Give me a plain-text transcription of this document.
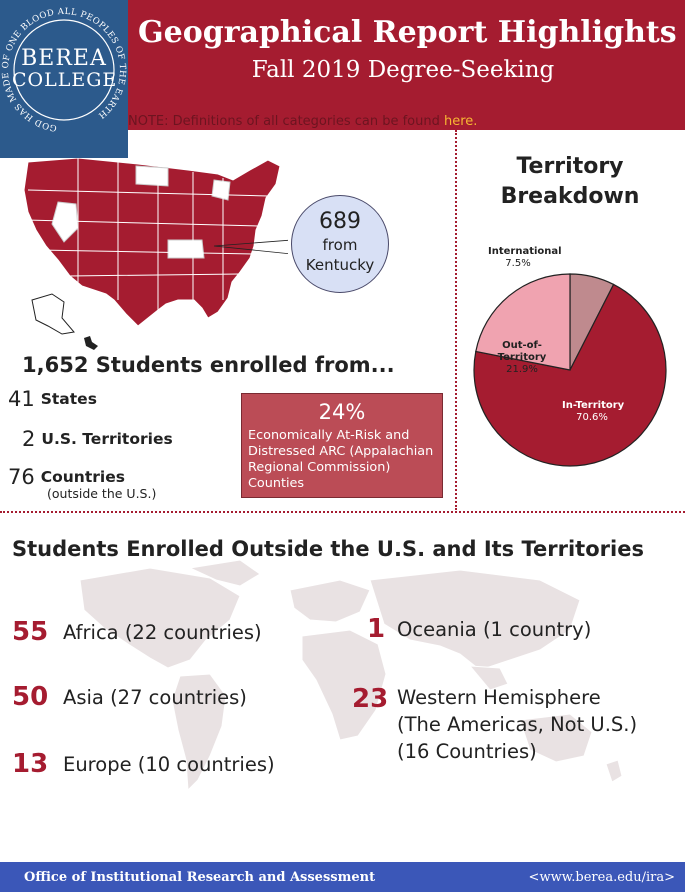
Geographical Report Highlights
Fall 2019 Degree-Seeking
NOTE: Definitions of all categories can be found here.
GOD HAS MADE OF ONE BLOOD ALL PEOPLES OF THE EARTH
BEREA
COLLEGE
689
from
Kentucky
1,652 Students enrolled from...
41 States
2 U.S. Territories
76 Countries
(outside the U.S.)
24%
Economically At-Risk and Distressed ARC (Appalachian Regional Commission) Counties
Territory
Breakdown
In-Territory
70.6%
Out-of-
Territory
21.9%
International
7.5%
Students Enrolled Outside the U.S. and Its Territories
55 Africa (22 countries)
50 Asia (27 countries)
13 Europe (10 countries)
1 Oceania (1 country)
23 Western Hemisphere
(The Americas, Not U.S.)
(16 Countries)
Office of Institutional Research and Assessment	<www.berea.edu/ira>
